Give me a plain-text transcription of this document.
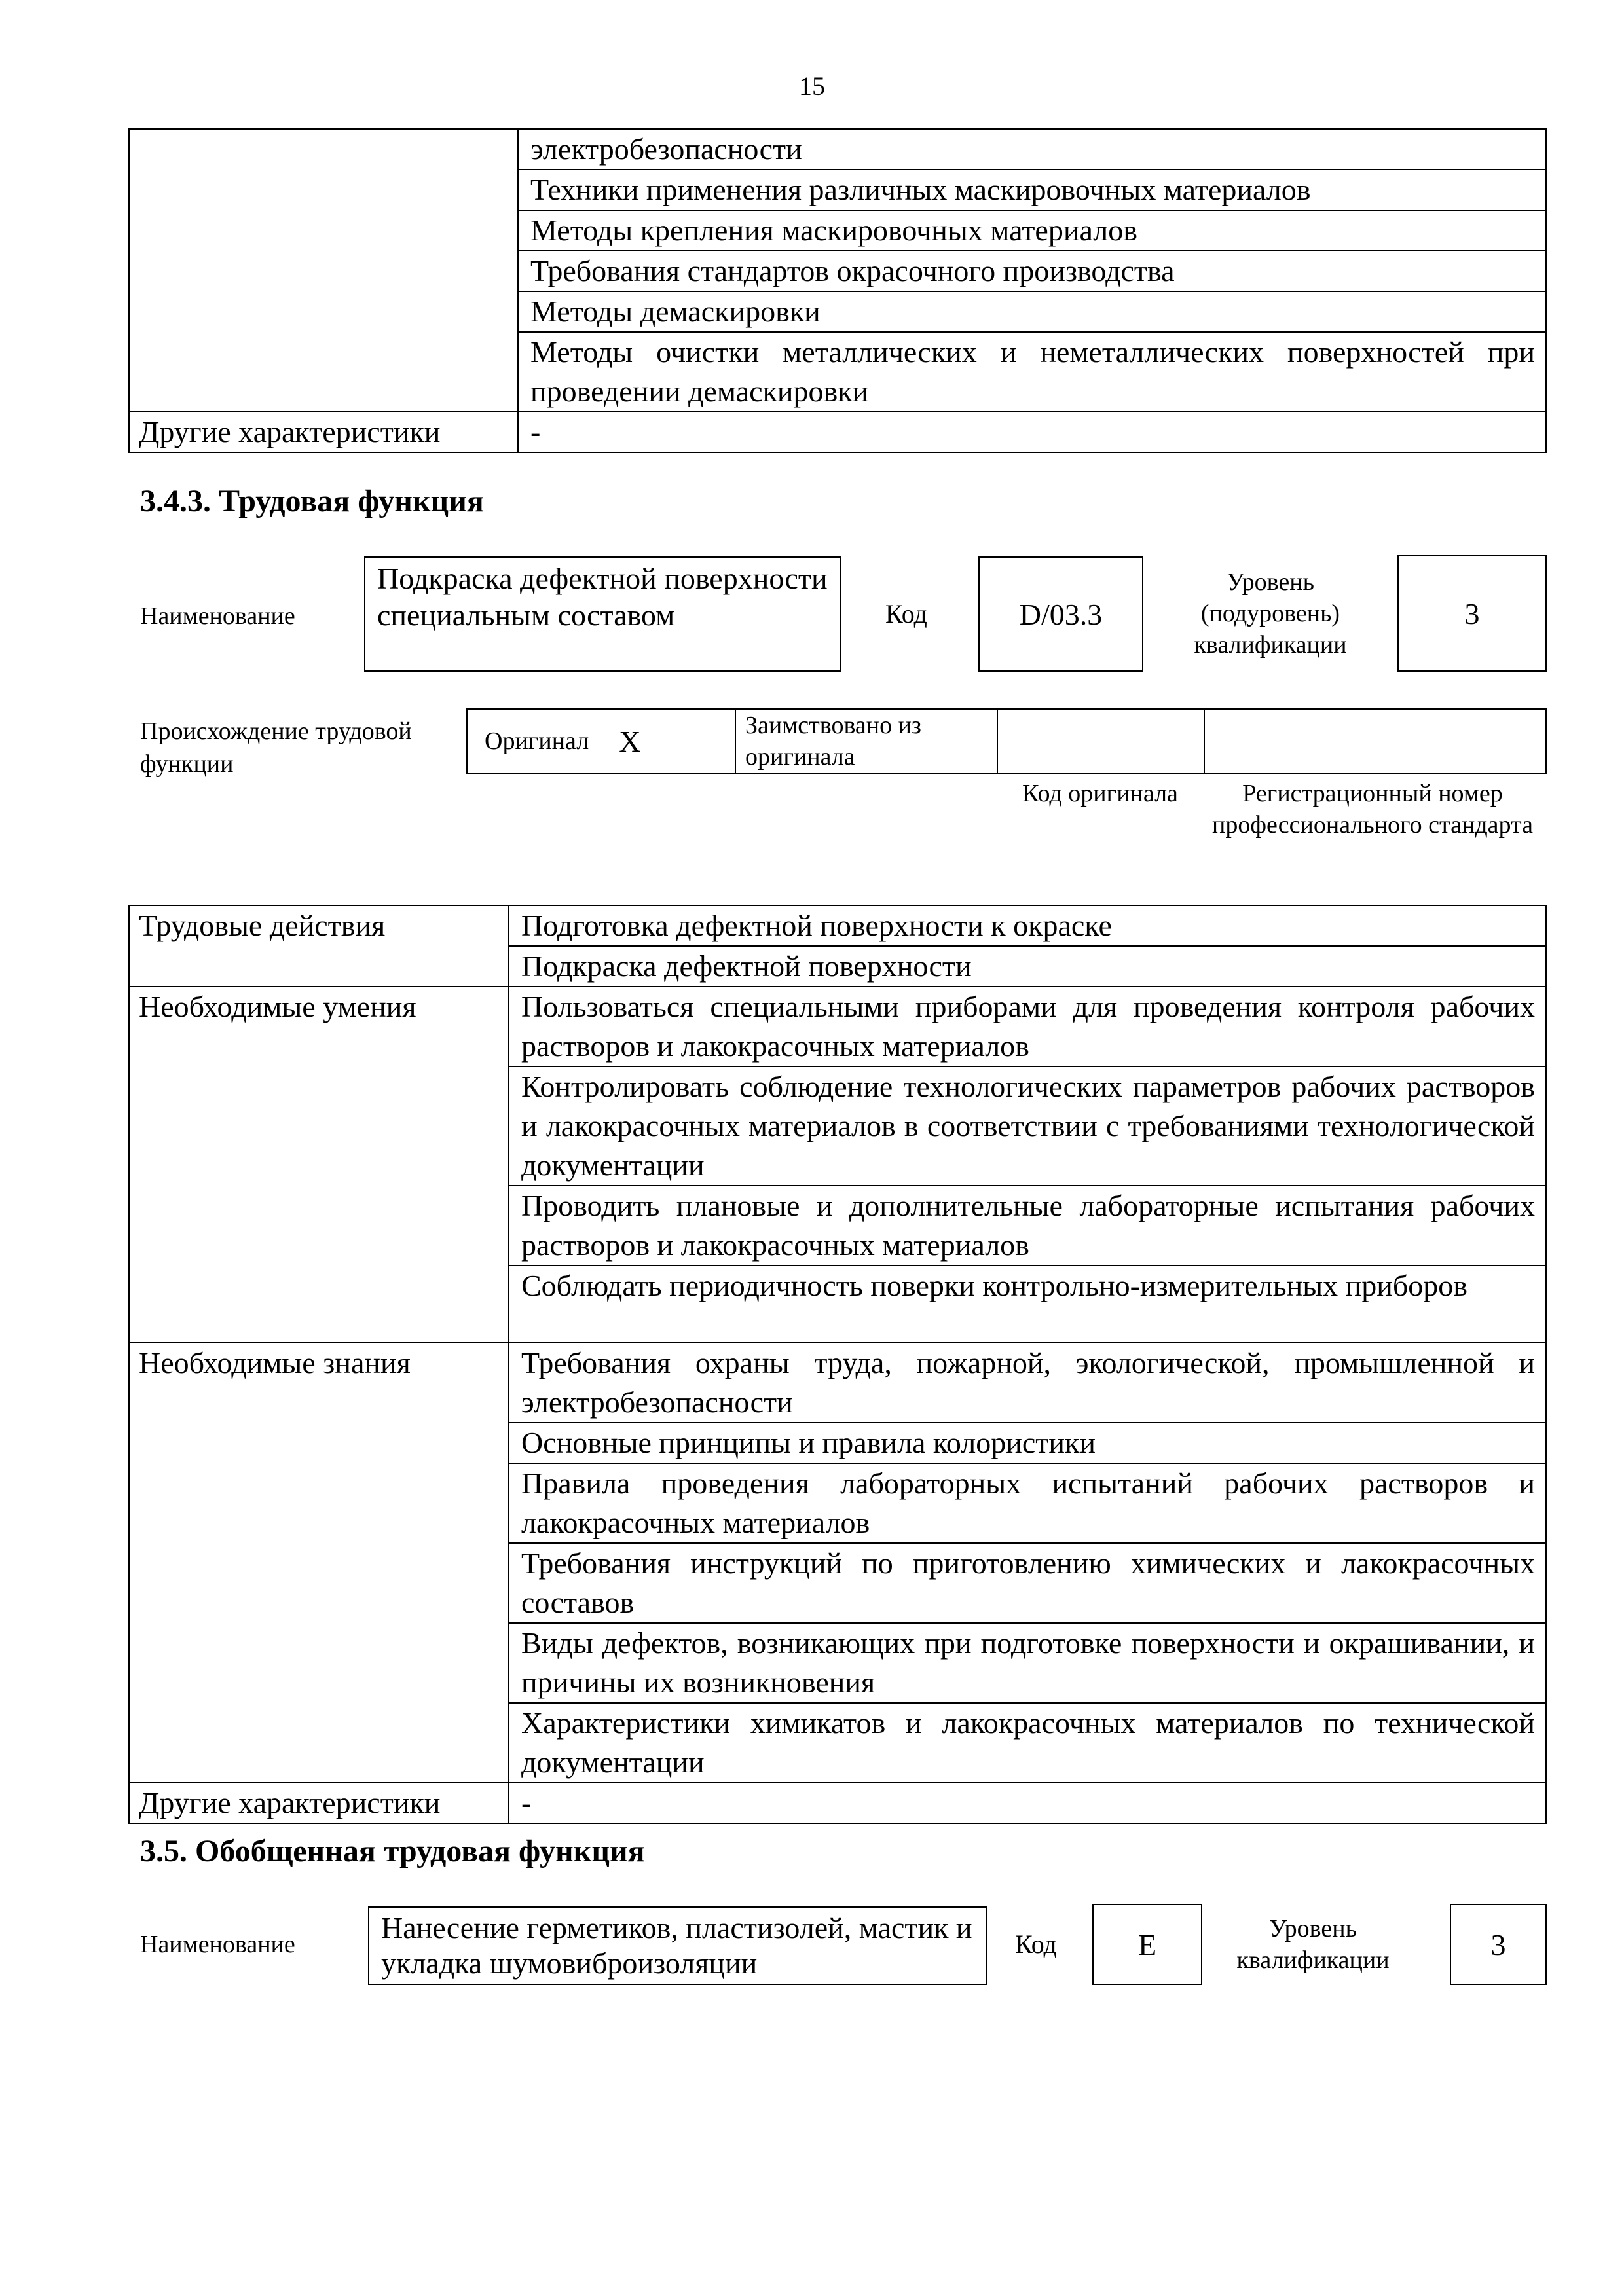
15
	электробезопасности
	Техники применения различных маскировочных материалов
	Методы крепления маскировочных материалов
	Требования стандартов окрасочного производства
	Методы демаскировки
	Методы очистки металлических и неметаллических поверхностей при проведении демаскировки

Другие характеристики	-
3.4.3. Трудовая функция
Наименование
Подкраска дефектной поверхности специальным составом	Код	D/03.3
Уровень (подуровень) квалификации
3
Происхождение трудовой функции
Оригинал X	Заимствовано из оригинала
Код оригинала	Регистрационный номер профессионального стандарта
Трудовые действия	Подготовка дефектной поверхности к окраске
	Подкраска дефектной поверхности
Необходимые умения	Пользоваться специальными приборами для проведения контроля рабочих растворов и лакокрасочных материалов
	Контролировать соблюдение технологических параметров рабочих растворов и лакокрасочных материалов в соответствии с требованиями технологической документации
	Проводить плановые и дополнительные лабораторные испытания рабочих растворов и лакокрасочных материалов
	Соблюдать периодичность поверки контрольно-измерительных приборов
Необходимые знания	Требования охраны труда, пожарной, экологической, промышленной и электробезопасности
	Основные принципы и правила колористики
	Правила проведения лабораторных испытаний рабочих растворов и лакокрасочных материалов
	Требования инструкций по приготовлению химических и лакокрасочных составов
	Виды дефектов, возникающих при подготовке поверхности и окрашивании, и причины их возникновения
	Характеристики химикатов и лакокрасочных материалов по технической документации
Другие характеристики	-
3.5. Обобщенная трудовая функция
Наименование	Нанесение герметиков, пластизолей, мастик и укладка шумовиброизоляции
Код	E	Уровень квалификации	3
